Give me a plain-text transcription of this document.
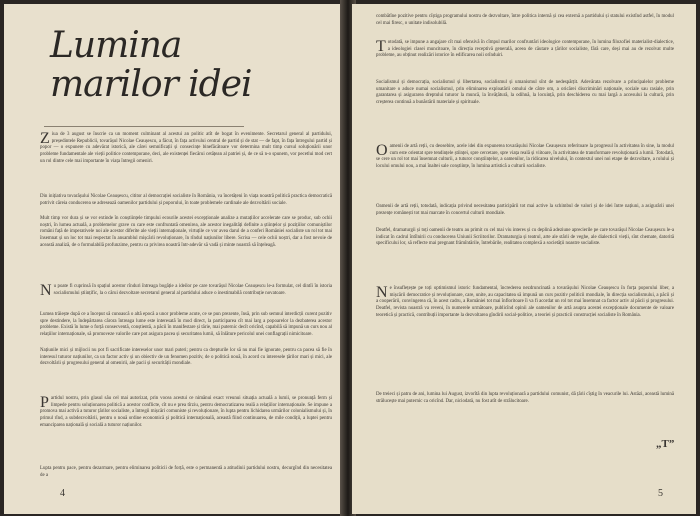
Lumina
marilor idei

Ziua de 3 august se înscrie ca un moment culminant al acestui an politic atît de bogat în evenimente. Secretarul general al partidului, președintele Republicii, tovarășul Nicolae Ceaușescu, a făcut, în fața activului central de partid și de stat — de fapt, în fața întregului partid și popor — o expunere cu adevărat istorică, ale cărei semnificații și consecințe binefăcătoare vor determina mult timp cursul soluționării unor probleme fundamentale ale vieții politice contemporane, deci, ale existenței fiecărui cetățean al patriei și, de ce să n-o spunem, vor pecetlui mod cert un rol dintre cele mai importante în viața întregii omeniri.

Din inițiativa tovarășului Nicolae Ceaușescu, cititor al democrației socialiste în România, va încetățeni în viața noastră politică practica democratică potrivit căreia conducerea se adresează oamenilor partidului și poporului, în toate problemele cardinale ale dezvoltării sociale.

Mult timp vor dura și se vor extinde în conștiințele timpului ecourile acestei excepționale analize a mutațiilor accelerate care se produc, sub ochii noștri, în lumea actuală, a problemelor grave cu care este confruntată omenirea, ale acestor inegalități definite a științelor și pozițiilor comuniștilor români față de imperativele noi ale acestor diferite ale vieții internaționale, virtuțile ce vor avea darul de a conferi României socialiste un rol tot mai însemnat și un loc tot mai respectat în ansamblul mișcării revoluționare, în rîndul națiunilor libere. Scrisa — cele ochii noștri, dar a fost nevoie de această analiză, de o formulabilă profunzime, pentru ca privirea noastră într-adevăr să vadă și minte noastră să înțeleagă.

Nu poate fi cuprinsă în spațiul acestor rînduri întreaga bogăție a ideilor pe care tovarășul Nicolae Ceaușescu le-a formulat, cel dintîi în istoria socialismului științific, la o cărui dezvoltare secretarul general al partidului aduce o inestimabilă contribuție novatoare.

Lumea trăiește după ce a început să cunoască o altă epocă a unor probleme acute, ce se pun prezente, însă, prin sub semnul interdicții curent pozitiv spre destindere, la îndepărtarea cărora întreaga lume este interesată în mod direct, la participarea cît mai larg a popoarelor la dezbaterea acestor probleme. Există în lume o forță consecventă, conștientă, a păcii în manifestare și tărie, mai puternic decît oricînd, capabilă să impună un curs nou al relațiilor internaționale, să promoveze valorile care pot asigura pacea și securitatea lumii, să înlăture pericolul unei conflagrații nimicitoare.

Națiunile mici și mijlocii nu pot fi sacrificate intereselor unor mari puteri; pentru ca drepturile lor să nu mai fie ignorate, pentru ca pacea să fie în interesul tuturor națiunilor, ca un factor activ și un obiectiv de un fenomen pozitiv, de o politică nouă, în acord cu interesele țărilor mari și mici, ale dezvoltării și progresului general al omenirii, ale pacii și securității mondiale.

Partidul nostru, prin glasul său cel mai autorizat, prin vocea acestui ce nimănui exact vreunui situația actuală a lumii, se pronunță ferm și limpede pentru soluționarea politică a acestor conflicte, cît nu e prea tîrziu, pentru democratizarea reală a relațiilor internaționale. Se impune a promova mai activă a tuturor țărilor socialiste, a întregii mișcări comuniste și revoluționare, în lupta pentru lichidarea urmărilor colonialismului și, în primul rînd, a subdezvoltării, pentru o nouă ordine economică și politică internațională, această fiind continuarea, de mile condiții, a luptei pentru emanciparea națională și socială a tuturor națiunilor.

Lupta pentru pace, pentru dezarmare, pentru eliminarea politicii de forță, este o permanentă a atitudinii partidului nostru, decurgînd din necesitatea de a

4

combătîne pozitive pentru cîștiga programului nostru de dezvoltare, între politica internă și cea externă a partidului și statului existînd astfel, în modul cel mai firesc, o unitate indisolubilă.

Totodată, se impune a angajare cît mai ofensivă în cîmpul marilor confruntări ideologice contemporane, în lumina filozofiei materialist-dialectice, a ideologiei clasei muncitoare, în direcția receptivă generală, aceea de căutare a țărilor socialiste, fără care, deși mai au de rezolvat multe probleme, au obținut realizări istorice în edificarea noii orînduiri.

Socialismul și democrația, socialismul și libertatea, socialismul și umanismul sînt de nedespărțit. Adevărata rezolvare a principalelor probleme umanitare o aduce numai socialismul, prin eliminarea exploatării omului de către om, a oricărei discriminări naționale, sociale sau rasiale, prin garantarea și asigurarea dreptului tuturor la muncă, la învățătură, la odihnă, la locuință, prin deschiderea cu mai largă a accesului la cultură, prin creșterea continuă a bunăstării materiale și spirituale.

Oamenii de artă reții, cu deosebire, acele idei din expunerea tovarășului Nicolae Ceaușescu referitoare la progresul în activitatea în sine, la modul cum este orientat spre tendințele științei, spre cercetare, spre viața reală și viitoare, în activitatea de transformare revoluționară a lumii. Totodată, se cere un rol tot mai însemnat culturii, a tuturor conștiințelor, a oamenilor, la ridicarea nivelului, în contextul unei noi etape de dezvoltare, a rolului și locului omului nou, a mai înaltei sale conștiințe, în lumina artistică a culturii socialiste.

Oamenii de artă reții, totodată, indicația privind necesitatea participării tot mai active la schimbul de valori și de idei între națiuni, a asigurării unei prezențe românești tot mai marcate în concertul culturii mondiale.

Deatfel, dramaturgii și toți oamenii de teatru au primit cu cel mai viu interes și cu deplină adeziune aprecierile pe care tovarășul Nicolae Ceaușescu le-a indicat în cadrul întîlnirii cu conducerea Uniunii Scriitorilor. Dramaturgia și teatrul, arte ale stării de veghe, ale dialecticii vieții, sînt chemate, datorită specificului lor, să reflecte mai pregnant frămîntările, întrebările, realitatea complexă a societății noastre socialiste.

Ne însuflețește pe toți optimismul istoric fundamental, încrederea nezdruncinată a tovarășului Nicolae Ceaușescu în forța poporului liber, a mișcării democratice și revoluționare, care, unite, au capacitatea să impună un curs pozitiv politicii mondiale, în direcția socialismului, a păcii și a cooperării, convingerea că, în acest cadru, a României tot mai înfloritoare îi va fi acordat un rol tot mai însemnat ca factor activ al păcii și progresului. Deatfel, revista noastră va reveni, în numerele următoare, publicînd opinii ale oamenilor de artă asupra acestei excepționale documente de valoare teoretică și practică, contribuții importante la dezvoltarea gîndirii social-politice, a teoriei și practicii construcției socialiste în România.

De treieci și patru de ani, lumina lui August, izvorîtă din lupta revoluționară a partidului comunist, dă țării cîștig în veacurile lui. Astăzi, această lumină strălucește mai puternic ca oricînd. Dar, niciodată, nu fost atît de strălucitoare.

„T”
5
